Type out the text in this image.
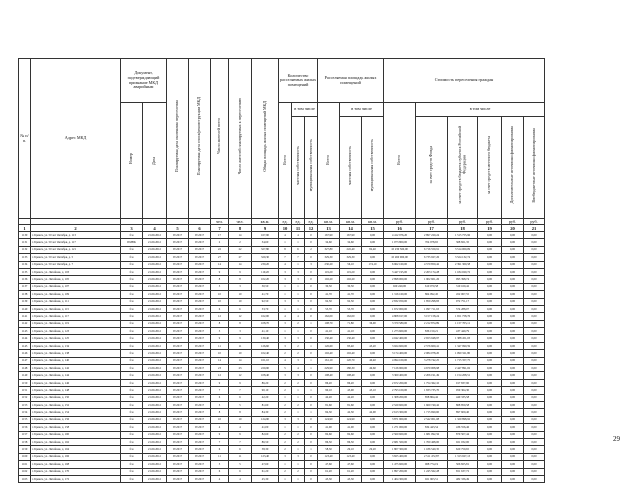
№ п/п.	Адрес МКД	Документ, подтверждающий признание МКД аварийным		Планируемая дата окончания переселения	Планируемая дата сноса/реконструкции МКД	Число жителей всего	Число жителей планируемых к переселению	Общая площадь жилых помещений МКД	Количество расселяемых жилых помещений			Расселяемая площадь жилых помещений			Стоимость переселения граждан					
		Номер	Дата						Всего	в том числе		Всего	в том числе		Всего	в том числе				
										частная собственность	муниципальная собственность		частная собственность	муниципальная собственность		за счет средств Фонда	за счет средств бюджета субъекта Российской Федерации	за счет средств местного бюджета	Дополнительные источники финансирования	Внебюджетные источники финансирования
						чел.	чел.	кв.м.	ед.	ед.	ед.	кв.м.	кв.м.	кв.м.	руб.	руб.	руб.	руб.	руб.	руб.
1	2	3	4	5	6	7	8	9	10	11	12	13	14	15	16	17	18	19	20	21
1130	г. Брянск, ул. 50 лет Октября, д. 113	б/н	21.09.2012	IV.2017	IV.2017	17	14	167,90	4	4	0	167,90	167,90	0,00	4 412 976,20	2 897 220,24	1 515 755,96	0,00	0,00	0,00
1131	г. Брянск, ул. 50 лет Октября, д. 117	ПМВК	21.09.2012	IV.2017	IV.2017	2	2	34,60	1	1	0	34,60	34,60	0,00	1 073 800,00	704 978,65	368 821,35	0,00	0,00	0,00
1132	г. Брянск, ул. 50 лет Октября, д. 121	б/н	21.09.2012	IV.2017	IV.2017	22	22	327,80	8	6	2	327,80	245,40	82,40	10 230 560,00	6 716 559,91	3 514 000,09	0,00	0,00	0,00
1133	г. Брянск, ул. 50 лет Октября, д. 5	б/н	21.09.2012	IV.2017	IV.2017	27	27	329,30	7	7	0	329,30	329,30	0,00	10 260 060,00	6 735 927,26	3 524 132,74	0,00	0,00	0,00
1134	г. Брянск, ул. 50 лет Октября, д. 7	б/н	21.09.2012	IV.2017	IV.2017	14	14	230,20	4	1	3	230,20	56,10	174,10	6 962 160,00	4 570 850,42	2 391 309,58	0,00	0,00	0,00
1135	г. Брянск, ул. Литейная, д. 103	б/н	21.09.2012	IV.2017	IV.2017	9	9	119,20	3	3	0	119,20	119,20	0,00	3 447 195,00	2 263 174,28	1 184 020,72	0,00	0,00	0,00
1136	г. Брянск, ул. Литейная, д. 105	б/н	21.09.2012	IV.2017	IV.2017	8	8	102,20	3	3	0	102,20	102,20	0,00	2 898 000,00	1 902 601,26	995 398,74	0,00	0,00	0,00
1137	г. Брянск, ул. Литейная, д. 107	б/н	21.09.2012	IV.2017	IV.2017	3	3	30,50	1	1	0	30,50	30,50	0,00	929 240,00	610 070,58	319 169,42	0,00	0,00	0,00
1138	г. Брянск, ул. Литейная, д. 109	б/н	21.09.2012	IV.2017	IV.2017	10	10	41,70	1	1	0	41,70	41,70	0,00	1 316 160,00	864 092,45	452 067,55	0,00	0,00	0,00
1139	г. Брянск, ул. Литейная, д. 111	б/н	21.09.2012	IV.2017	IV.2017	10	10	92,50	3	3	0	92,50	92,50	0,00	2 832 050,00	1 859 298,83	972 751,17	0,00	0,00	0,00
1140	г. Брянск, ул. Литейная, д. 115	б/н	21.09.2012	IV.2017	IV.2017	6	6	53,70	1	1	0	53,70	53,70	0,00	1 672 000,00	1 097 711,93	574 288,07	0,00	0,00	0,00
1141	г. Брянск, ул. Литейная, д. 117	б/н	21.09.2012	IV.2017	IV.2017	12	12	162,00	4	4	0	162,00	162,00	0,00	4 808 917,00	3 157 158,24	1 651 758,76	0,00	0,00	0,00
1142	г. Брянск, ул. Литейная, д. 119	б/н	21.09.2012	IV.2017	IV.2017	8	8	108,70	3	2	1	108,70	71,80	36,90	3 370 580,00	2 212 874,89	1 157 705,11	0,00	0,00	0,00
1143	г. Брянск, ул. Литейная, д. 123	б/н	21.09.2012	IV.2017	IV.2017	3	3	41,10	1	1	0	41,10	41,10	0,00	1 273 600,00	836 150,21	437 449,79	0,00	0,00	0,00
1144	г. Брянск, ул. Литейная, д. 125	б/н	21.09.2012	IV.2017	IV.2017	9	9	130,40	3	3	0	130,40	130,40	0,00	4 042 400,00	2 653 948,97	1 388 451,03	0,00	0,00	0,00
1145	г. Брянск, ул. Литейная, д. 134	б/н	21.09.2012	IV.2017	IV.2017	11	11	126,60	3	2	1	126,60	83,40	43,20	3 924 600,00	2 576 609,41	1 347 990,59	0,00	0,00	0,00
1146	г. Брянск, ул. Литейная, д. 138	б/н	21.09.2012	IV.2017	IV.2017	10	10	102,40	2	2	0	102,40	102,40	0,00	3 174 400,00	2 084 078,20	1 090 321,80	0,00	0,00	0,00
1147	г. Брянск, ул. Литейная, д. 140	б/н	21.09.2012	IV.2017	IV.2017	14	14	161,10	4	3	1	161,10	120,70	40,40	4 994 100,00	3 278 742,25	1 715 357,75	0,00	0,00	0,00
1148	г. Брянск, ул. Литейная, д. 142	б/н	21.09.2012	IV.2017	IV.2017	23	23	229,90	5	4	1	229,90	180,30	49,60	7 126 900,00	4 679 008,98	2 447 891,02	0,00	0,00	0,00
1149	г. Брянск, ул. Литейная, д. 144	б/н	21.09.2012	IV.2017	IV.2017	12	12	108,40	3	3	0	108,40	108,40	0,00	3 360 400,00	2 206 191,49	1 154 208,51	0,00	0,00	0,00
1150	г. Брянск, ул. Литейная, д. 146	б/н	21.09.2012	IV.2017	IV.2017	9	9	86,20	2	2	0	86,20	86,20	0,00	2 672 200,00	1 754 362,10	917 837,90	0,00	0,00	0,00
1151	г. Брянск, ул. Литейная, д. 148	б/н	21.09.2012	IV.2017	IV.2017	7	7	90,10	2	1	1	90,10	45,00	45,10	2 793 100,00	1 833 735,70	959 364,30	0,00	0,00	0,00
1152	г. Брянск, ул. Литейная, д. 150	б/н	21.09.2012	IV.2017	IV.2017	6	6	42,20	1	1	0	42,20	42,20	0,00	1 308 200,00	858 864,42	449 335,58	0,00	0,00	0,00
1153	г. Брянск, ул. Литейная, д. 152	б/н	21.09.2012	IV.2017	IV.2017	5	5	81,60	2	2	0	81,60	81,60	0,00	2 529 600,00	1 660 740,42	868 859,58	0,00	0,00	0,00
1154	г. Брянск, ул. Литейная, д. 154	б/н	21.09.2012	IV.2017	IV.2017	8	8	84,30	2	1	1	84,30	42,30	42,00	2 613 300,00	1 715 690,60	897 609,40	0,00	0,00	0,00
1155	г. Брянск, ул. Литейная, д. 156	б/н	21.09.2012	IV.2017	IV.2017	10	10	124,90	3	3	0	124,90	124,90	0,00	3 871 900,00	2 542 001,08	1 329 898,92	0,00	0,00	0,00
1156	г. Брянск, ул. Литейная, д. 158	б/н	21.09.2012	IV.2017	IV.2017	4	4	41,00	1	1	0	41,00	41,00	0,00	1 271 000,00	834 443,54	436 556,46	0,00	0,00	0,00
1157	г. Брянск, ул. Литейная, д. 160	б/н	21.09.2012	IV.2017	IV.2017	9	9	82,60	2	2	0	82,60	82,60	0,00	2 560 600,00	1 681 092,56	879 507,44	0,00	0,00	0,00
1158	г. Брянск, ул. Литейная, д. 162	б/н	21.09.2012	IV.2017	IV.2017	7	7	86,50	2	2	0	86,50	86,50	0,00	2 681 500,00	1 760 468,00	921 032,00	0,00	0,00	0,00
1159	г. Брянск, ул. Литейная, д. 164	б/н	21.09.2012	IV.2017	IV.2017	6	6	58,30	2	1	1	58,30	29,10	29,20	1 807 300,00	1 186 540,35	620 759,65	0,00	0,00	0,00
1160	г. Брянск, ул. Литейная, д. 166	б/н	21.09.2012	IV.2017	IV.2017	11	11	123,40	3	3	0	123,40	123,40	0,00	3 825 400,00	2 511 472,87	1 313 927,13	0,00	0,00	0,00
1161	г. Брянск, ул. Литейная, д. 168	б/н	21.09.2012	IV.2017	IV.2017	5	5	47,60	1	1	0	47,60	47,60	0,00	1 475 600,00	968 774,19	506 825,81	0,00	0,00	0,00
1162	г. Брянск, ул. Литейная, д. 170	б/н	21.09.2012	IV.2017	IV.2017	6	6	61,20	2	2	0	61,20	61,20	0,00	1 897 200,00	1 245 562,28	651 637,72	0,00	0,00	0,00
1163	г. Брянск, ул. Литейная, д. 172	б/н	21.09.2012	IV.2017	IV.2017	4	4	45,30	1	1	0	45,30	45,30	0,00	1 404 300,00	921 963,51	482 336,49	0,00	0,00	0,00
29
